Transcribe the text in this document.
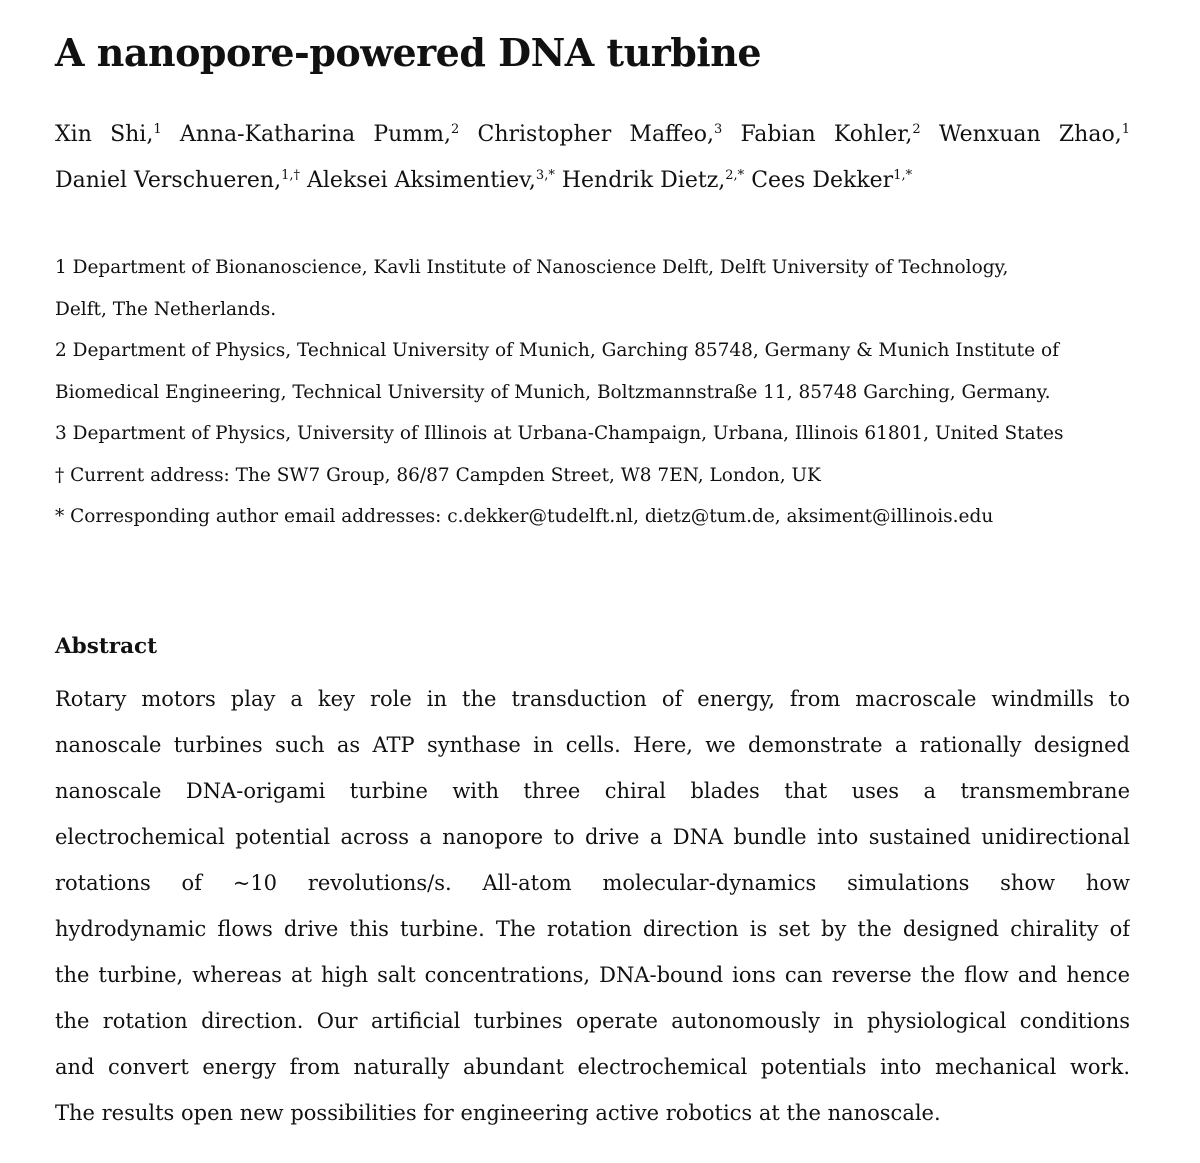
A nanopore-powered DNA turbine
Xin Shi,$^1$ Anna-Katharina Pumm,$^2$ Christopher Maffeo,$^3$ Fabian Kohler,$^2$ Wenxuan Zhao,$^1$ Daniel Verschueren,$^{1,\dagger}$ Aleksei Aksimentiev,$^{3,*}$ Hendrik Dietz,$^{2,*}$ Cees Dekker$^{1,*}$

1 Department of Bionanoscience, Kavli Institute of Nanoscience Delft, Delft University of Technology,

Delft, The Netherlands.

2 Department of Physics, Technical University of Munich, Garching 85748, Germany & Munich Institute of

Biomedical Engineering, Technical University of Munich, Boltzmannstraße 11, 85748 Garching, Germany.

3 Department of Physics, University of Illinois at Urbana-Champaign, Urbana, Illinois 61801, United States

† Current address: The SW7 Group, 86/87 Campden Street, W8 7EN, London, UK

* Corresponding author email addresses: c.dekker@tudelft.nl, dietz@tum.de, aksiment@illinois.edu

Abstract
Rotary motors play a key role in the transduction of energy, from macroscale windmills to
nanoscale turbines such as ATP synthase in cells. Here, we demonstrate a rationally designed
nanoscale DNA-origami turbine with three chiral blades that uses a transmembrane
electrochemical potential across a nanopore to drive a DNA bundle into sustained unidirectional
rotations of ~10 revolutions/s. All-atom molecular-dynamics simulations show how
hydrodynamic flows drive this turbine. The rotation direction is set by the designed chirality of
the turbine, whereas at high salt concentrations, DNA-bound ions can reverse the flow and hence
the rotation direction. Our artificial turbines operate autonomously in physiological conditions
and convert energy from naturally abundant electrochemical potentials into mechanical work.
The results open new possibilities for engineering active robotics at the nanoscale.
